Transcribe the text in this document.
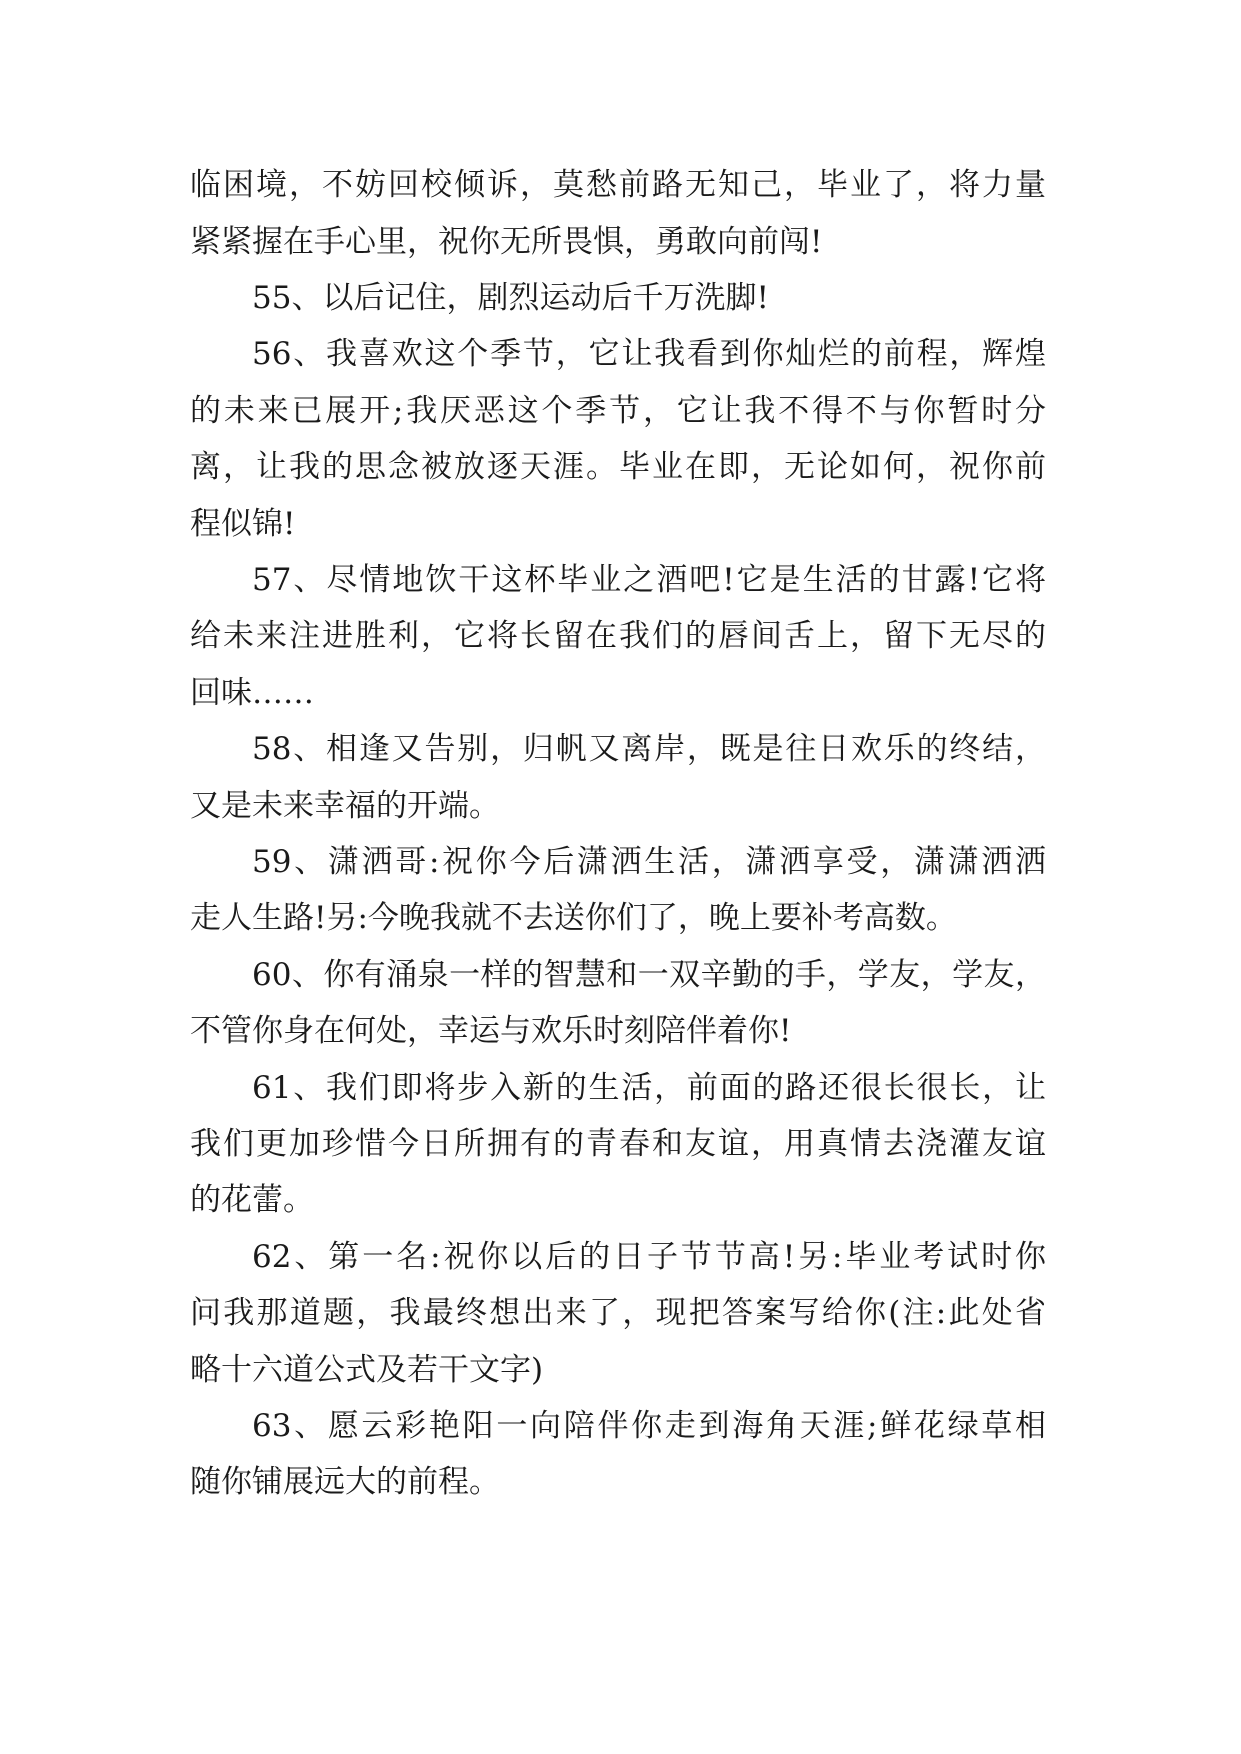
临困境，不妨回校倾诉，莫愁前路无知己，毕业了，将力量
紧紧握在手心里，祝你无所畏惧，勇敢向前闯!
55、以后记住，剧烈运动后千万洗脚!
56、我喜欢这个季节，它让我看到你灿烂的前程，辉煌
的未来已展开;我厌恶这个季节，它让我不得不与你暂时分
离，让我的思念被放逐天涯。毕业在即，无论如何，祝你前
程似锦!
57、尽情地饮干这杯毕业之酒吧!它是生活的甘露!它将
给未来注进胜利，它将长留在我们的唇间舌上，留下无尽的
回味……
58、相逢又告别，归帆又离岸，既是往日欢乐的终结，
又是未来幸福的开端。
59、潇洒哥:祝你今后潇洒生活，潇洒享受，潇潇洒洒
走人生路!另:今晚我就不去送你们了，晚上要补考高数。
60、你有涌泉一样的智慧和一双辛勤的手，学友，学友，
不管你身在何处，幸运与欢乐时刻陪伴着你!
61、我们即将步入新的生活，前面的路还很长很长，让
我们更加珍惜今日所拥有的青春和友谊，用真情去浇灌友谊
的花蕾。
62、第一名:祝你以后的日子节节高!另:毕业考试时你
问我那道题，我最终想出来了，现把答案写给你(注:此处省
略十六道公式及若干文字)
63、愿云彩艳阳一向陪伴你走到海角天涯;鲜花绿草相
随你铺展远大的前程。
